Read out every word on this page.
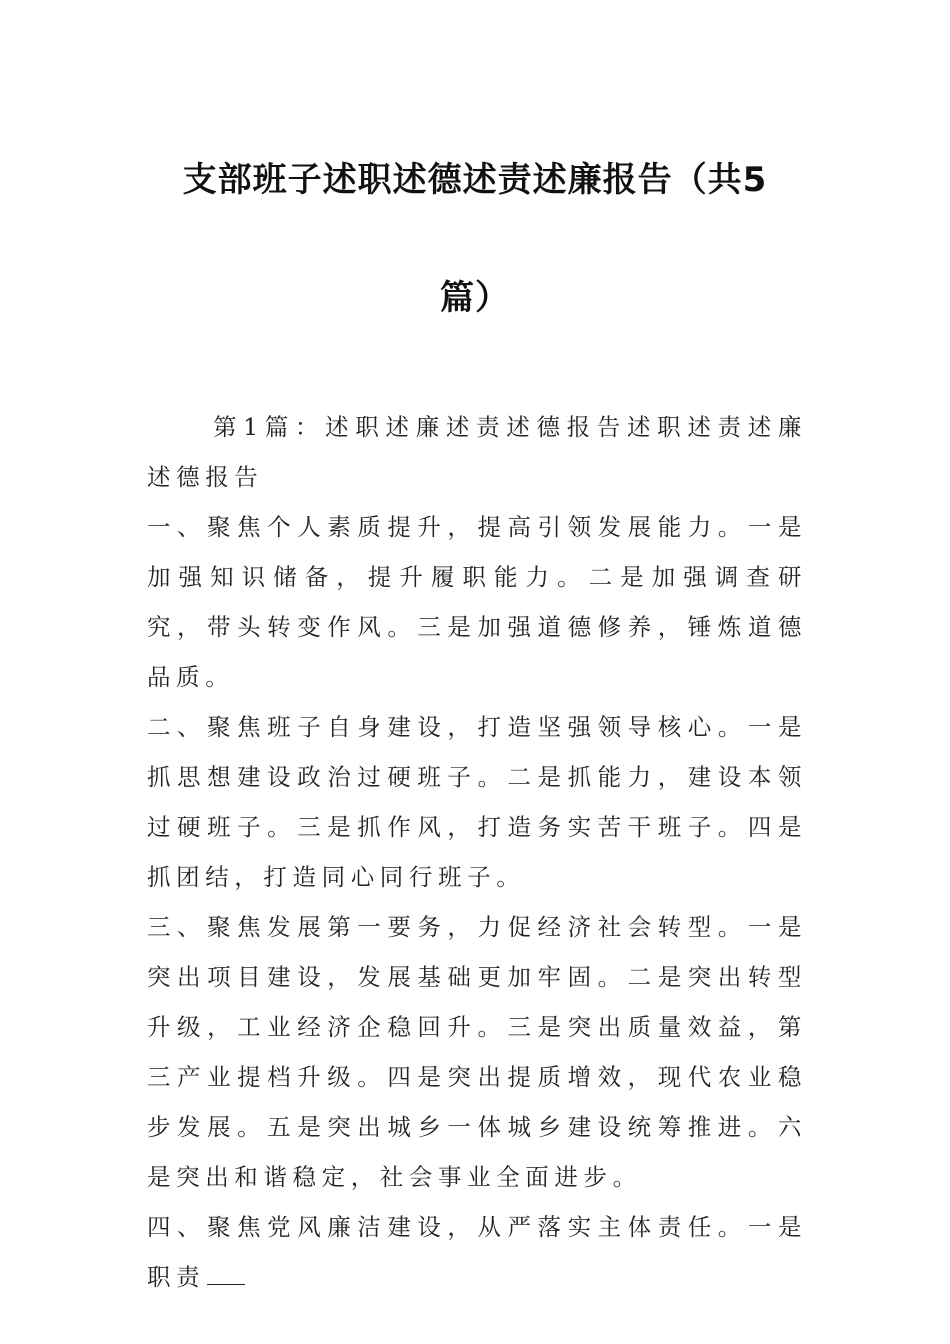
支部班子述职述德述责述廉报告（共5
篇）

第1篇：述职述廉述责述德报告述职述责述廉述德报告

一、聚焦个人素质提升，提高引领发展能力。一是加强知识储备，提升履职能力。二是加强调查研究，带头转变作风。三是加强道德修养，锤炼道德品质。

二、聚焦班子自身建设，打造坚强领导核心。一是抓思想建设政治过硬班子。二是抓能力，建设本领过硬班子。三是抓作风，打造务实苦干班子。四是抓团结，打造同心同行班子。

三、聚焦发展第一要务，力促经济社会转型。一是突出项目建设，发展基础更加牢固。二是突出转型升级，工业经济企稳回升。三是突出质量效益，第三产业提档升级。四是突出提质增效，现代农业稳步发展。五是突出城乡一体城乡建设统筹推进。六是突出和谐稳定，社会事业全面进步。

四、聚焦党风廉洁建设，从严落实主体责任。一是职责
